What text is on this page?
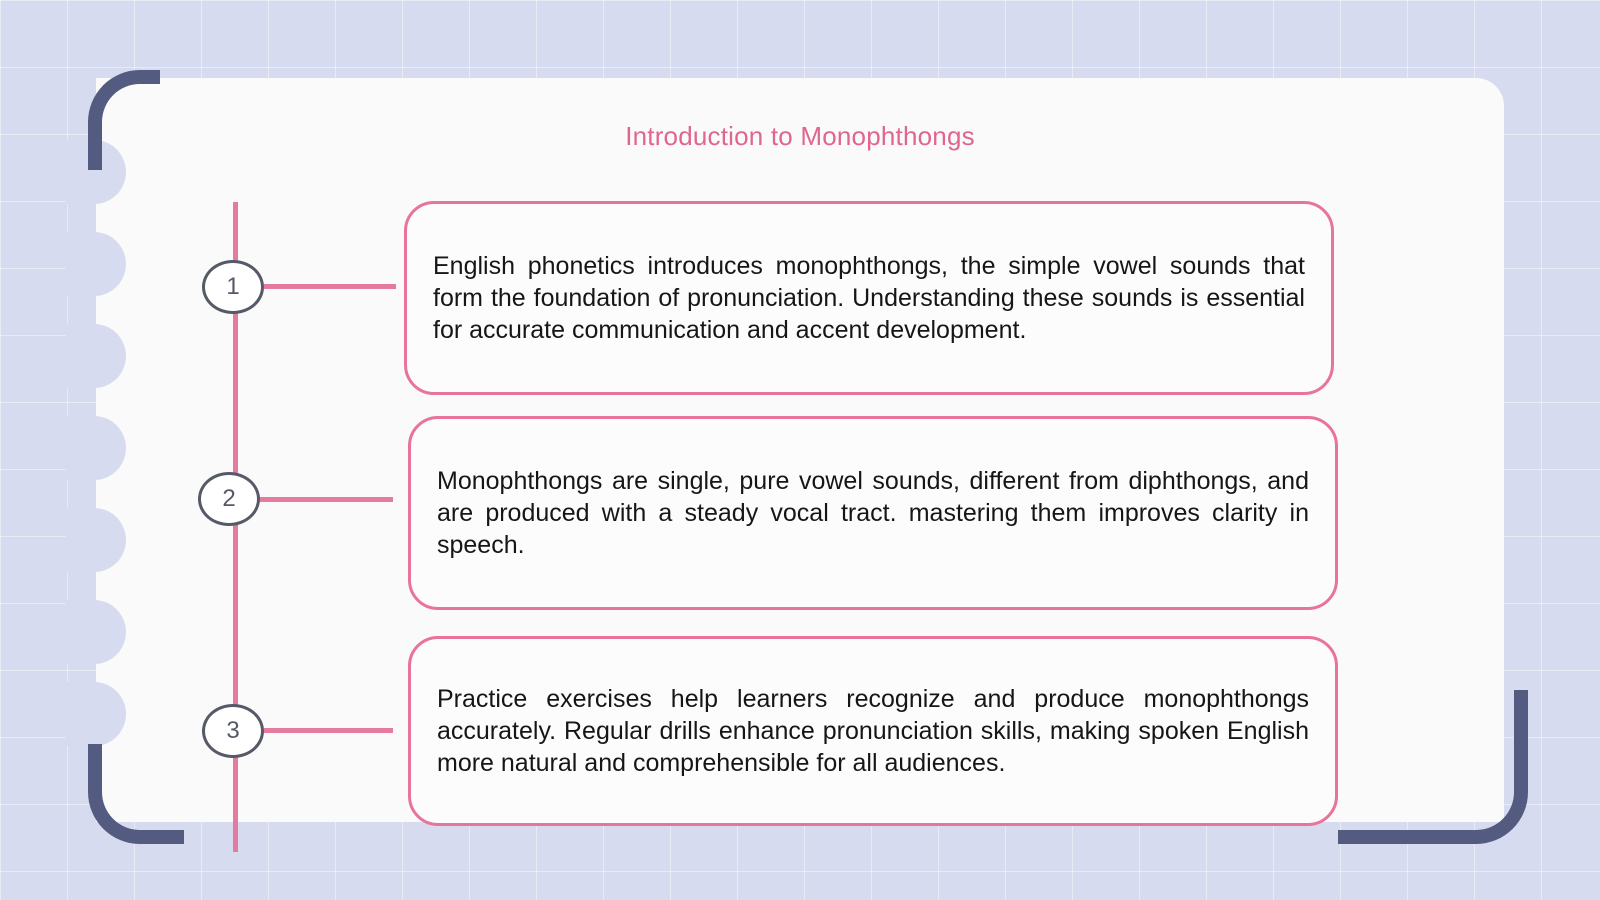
Introduction to Monophthongs
1
2
3

English phonetics introduces monophthongs, the simple vowel sounds that form the foundation of pronunciation. Understanding these sounds is essential for accurate communication and accent development.

Monophthongs are single, pure vowel sounds, different from diphthongs, and are produced with a steady vocal tract. mastering them improves clarity in speech.

Practice exercises help learners recognize and produce monophthongs accurately. Regular drills enhance pronunciation skills, making spoken English more natural and comprehensible for all audiences.
